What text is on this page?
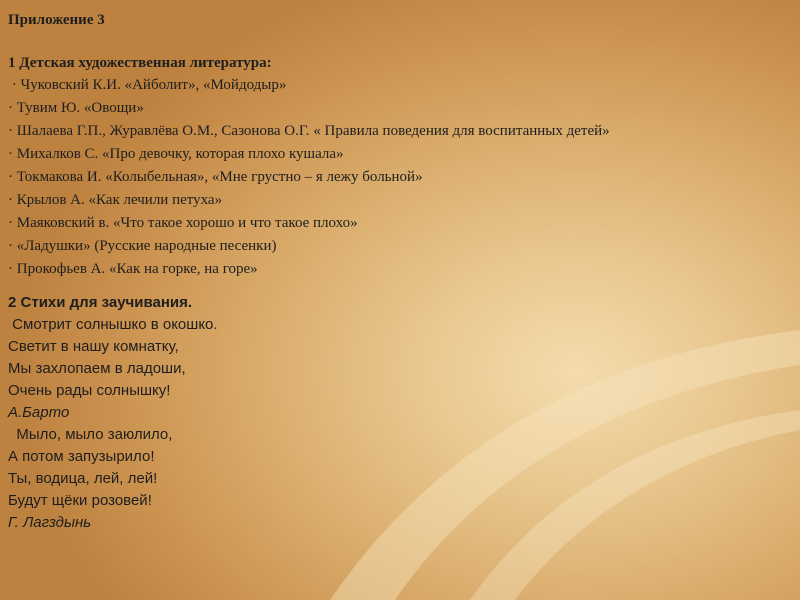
Приложение 3
1 Детская художественная литература:
· Чуковский К.И. «Айболит», «Мойдодыр»
· Тувим Ю. «Овощи»
· Шалаева Г.П., Журавлёва О.М., Сазонова О.Г. « Правила поведения для воспитанных детей»
· Михалков С. «Про девочку, которая плохо кушала»
· Токмакова И. «Колыбельная», «Мне грустно – я лежу больной»
· Крылов А. «Как лечили петуха»
· Маяковский в. «Что такое хорошо и что такое плохо»
· «Ладушки» (Русские народные песенки)
· Прокофьев А. «Как на горке, на горе»
2 Стихи для заучивания.
Смотрит солнышко в окошко.
Светит в нашу комнатку,
Мы захлопаем в ладоши,
Очень рады солнышку!
А.Барто
Мыло, мыло заюлило,
А потом запузырило!
Ты, водица, лей, лей!
Будут щёки розовей!
Г. Лагздынь
